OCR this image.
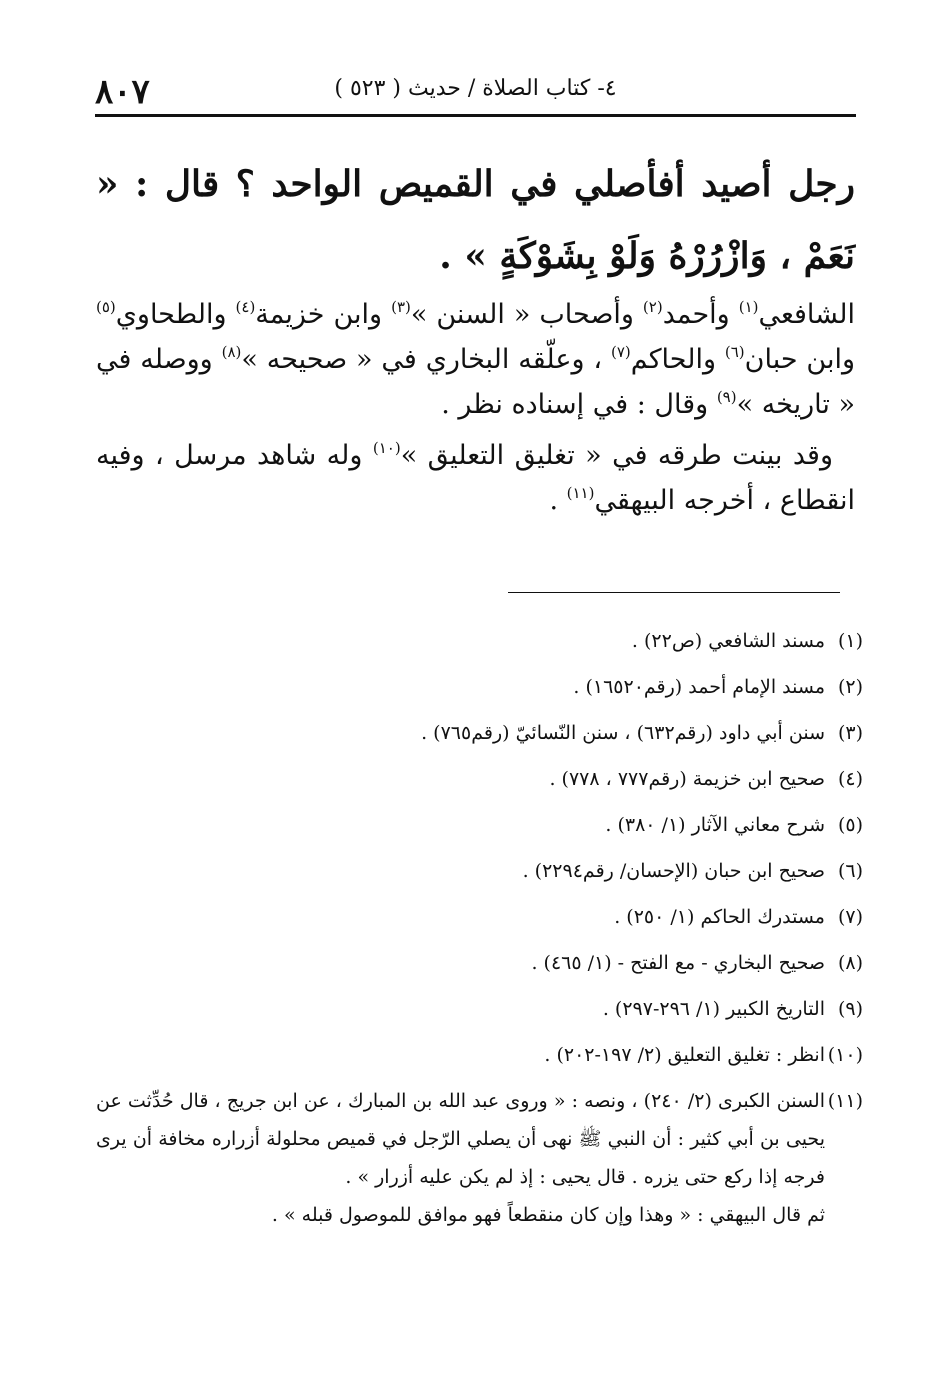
٨٠٧	٤- كتاب الصلاة / حديث ( ٥٢٣ )
رجل أصيد أفأصلي في القميص الواحد ؟ قال : « نَعَمْ ، وَازْرُرْهُ وَلَوْ بِشَوْكَةٍ » .

الشافعي$^{(١)}$ وأحمد$^{(٢)}$ وأصحاب « السنن »$^{(٣)}$ وابن خزيمة$^{(٤)}$ والطحاوي$^{(٥)}$ وابن حبان$^{(٦)}$ والحاكم$^{(٧)}$ ، وعلّقه البخاري في « صحيحه »$^{(٨)}$ ووصله في « تاريخه »$^{(٩)}$ وقال : في إسناده نظر .

وقد بينت طرقه في « تغليق التعليق »$^{(١٠)}$ وله شاهد مرسل ، وفيه انقطاع ، أخرجه البيهقي$^{(١١)}$ .

(١)
مسند الشافعي (ص٢٢) .
(٢)
مسند الإمام أحمد (رقم١٦٥٢٠) .
(٣)
سنن أبي داود (رقم٦٣٢) ، سنن النّسائيّ (رقم٧٦٥) .
(٤)
صحيح ابن خزيمة (رقم٧٧٧ ، ٧٧٨) .
(٥)
شرح معاني الآثار (١/ ٣٨٠) .
(٦)
صحيح ابن حبان (الإحسان/ رقم٢٢٩٤) .
(٧)
مستدرك الحاكم (١/ ٢٥٠) .
(٨)
صحيح البخاري - مع الفتح - (١/ ٤٦٥) .
(٩)
التاريخ الكبير (١/ ٢٩٦-٢٩٧) .
(١٠)
انظر : تغليق التعليق (٢/ ١٩٧-٢٠٢) .
(١١)
السنن الكبرى (٢/ ٢٤٠) ، ونصه : « وروى عبد الله بن المبارك ، عن ابن جريج ، قال حُدِّثت عن يحيى بن أبي كثير : أن النبي ﷺ نهى أن يصلي الرّجل في قميص محلولة أزراره مخافة أن يرى فرجه إذا ركع حتى يزره . قال يحيى : إذ لم يكن عليه أزرار » .
ثم قال البيهقي : « وهذا وإن كان منقطعاً فهو موافق للموصول قبله » .
